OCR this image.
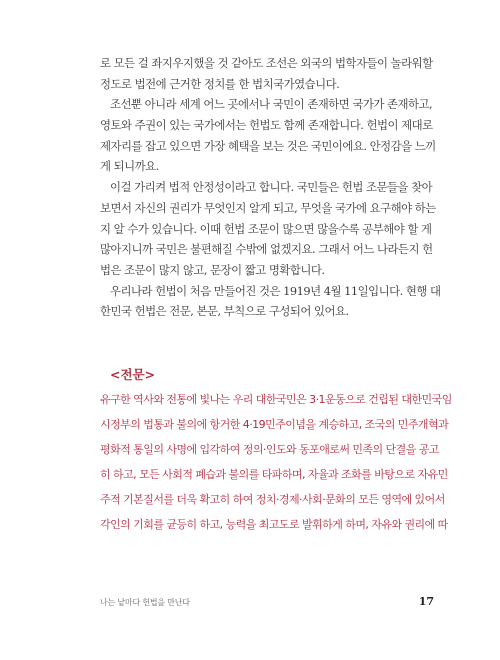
로 모든 걸 좌지우지했을 것 같아도 조선은 외국의 법학자들이 놀라워할
정도로 법전에 근거한 정치를 한 법치국가였습니다.
조선뿐 아니라 세계 어느 곳에서나 국민이 존재하면 국가가 존재하고,
영토와 주권이 있는 국가에서는 헌법도 함께 존재합니다. 헌법이 제대로
제자리를 잡고 있으면 가장 혜택을 보는 것은 국민이에요. 안정감을 느끼
게 되니까요.
이걸 가리켜 법적 안정성이라고 합니다. 국민들은 헌법 조문들을 찾아
보면서 자신의 권리가 무엇인지 알게 되고, 무엇을 국가에 요구해야 하는
지 알 수가 있습니다. 이때 헌법 조문이 많으면 많을수록 공부해야 할 게
많아지니까 국민은 불편해질 수밖에 없겠지요. 그래서 어느 나라든지 헌
법은 조문이 많지 않고, 문장이 짧고 명확합니다.
우리나라 헌법이 처음 만들어진 것은 1919년 4월 11일입니다. 현행 대
한민국 헌법은 전문, 본문, 부칙으로 구성되어 있어요.
<전문>
유구한 역사와 전통에 빛나는 우리 대한국민은 3·1운동으로 건립된 대한민국임
시정부의 법통과 불의에 항거한 4·19민주이념을 계승하고, 조국의 민주개혁과
평화적 통일의 사명에 입각하여 정의·인도와 동포애로써 민족의 단결을 공고
히 하고, 모든 사회적 폐습과 불의를 타파하며, 자율과 조화를 바탕으로 자유민
주적 기본질서를 더욱 확고히 하여 정치·경제·사회·문화의 모든 영역에 있어서
각인의 기회를 균등히 하고, 능력을 최고도로 발휘하게 하며, 자유와 권리에 따
나는 낱마다 헌법을 만난다	17
